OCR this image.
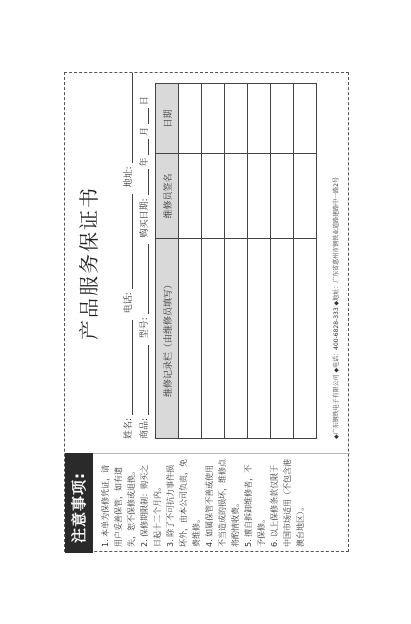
注意事项:	1. 本单为保修凭证，请用户妥善保管，如有遗失，恕不保修或退换。 2. 保修期限制：购买之日起十二个月内。 3. 除了不可抗力事件损坏外，由本公司负责，免费维修。 4. 如属保管不善或使用不当造成的损坏，维修点将酌情收费。 5. 擅自拆卸维修者，不予保修。 6. 以上保修条款仅限于中国市场适用（不包含港澳台地区）。
产品服务保证书
姓名:  电话:  地址:
商品:  型号:  购买日期:  年  月  日
维修记录栏（由维修员填写）	维修员签名	日期

◆广东钢铁电子有限公司 ◆电话：400-6828-333 ◆地址：广东省惠州市钢铁业道路建路中一路2号
